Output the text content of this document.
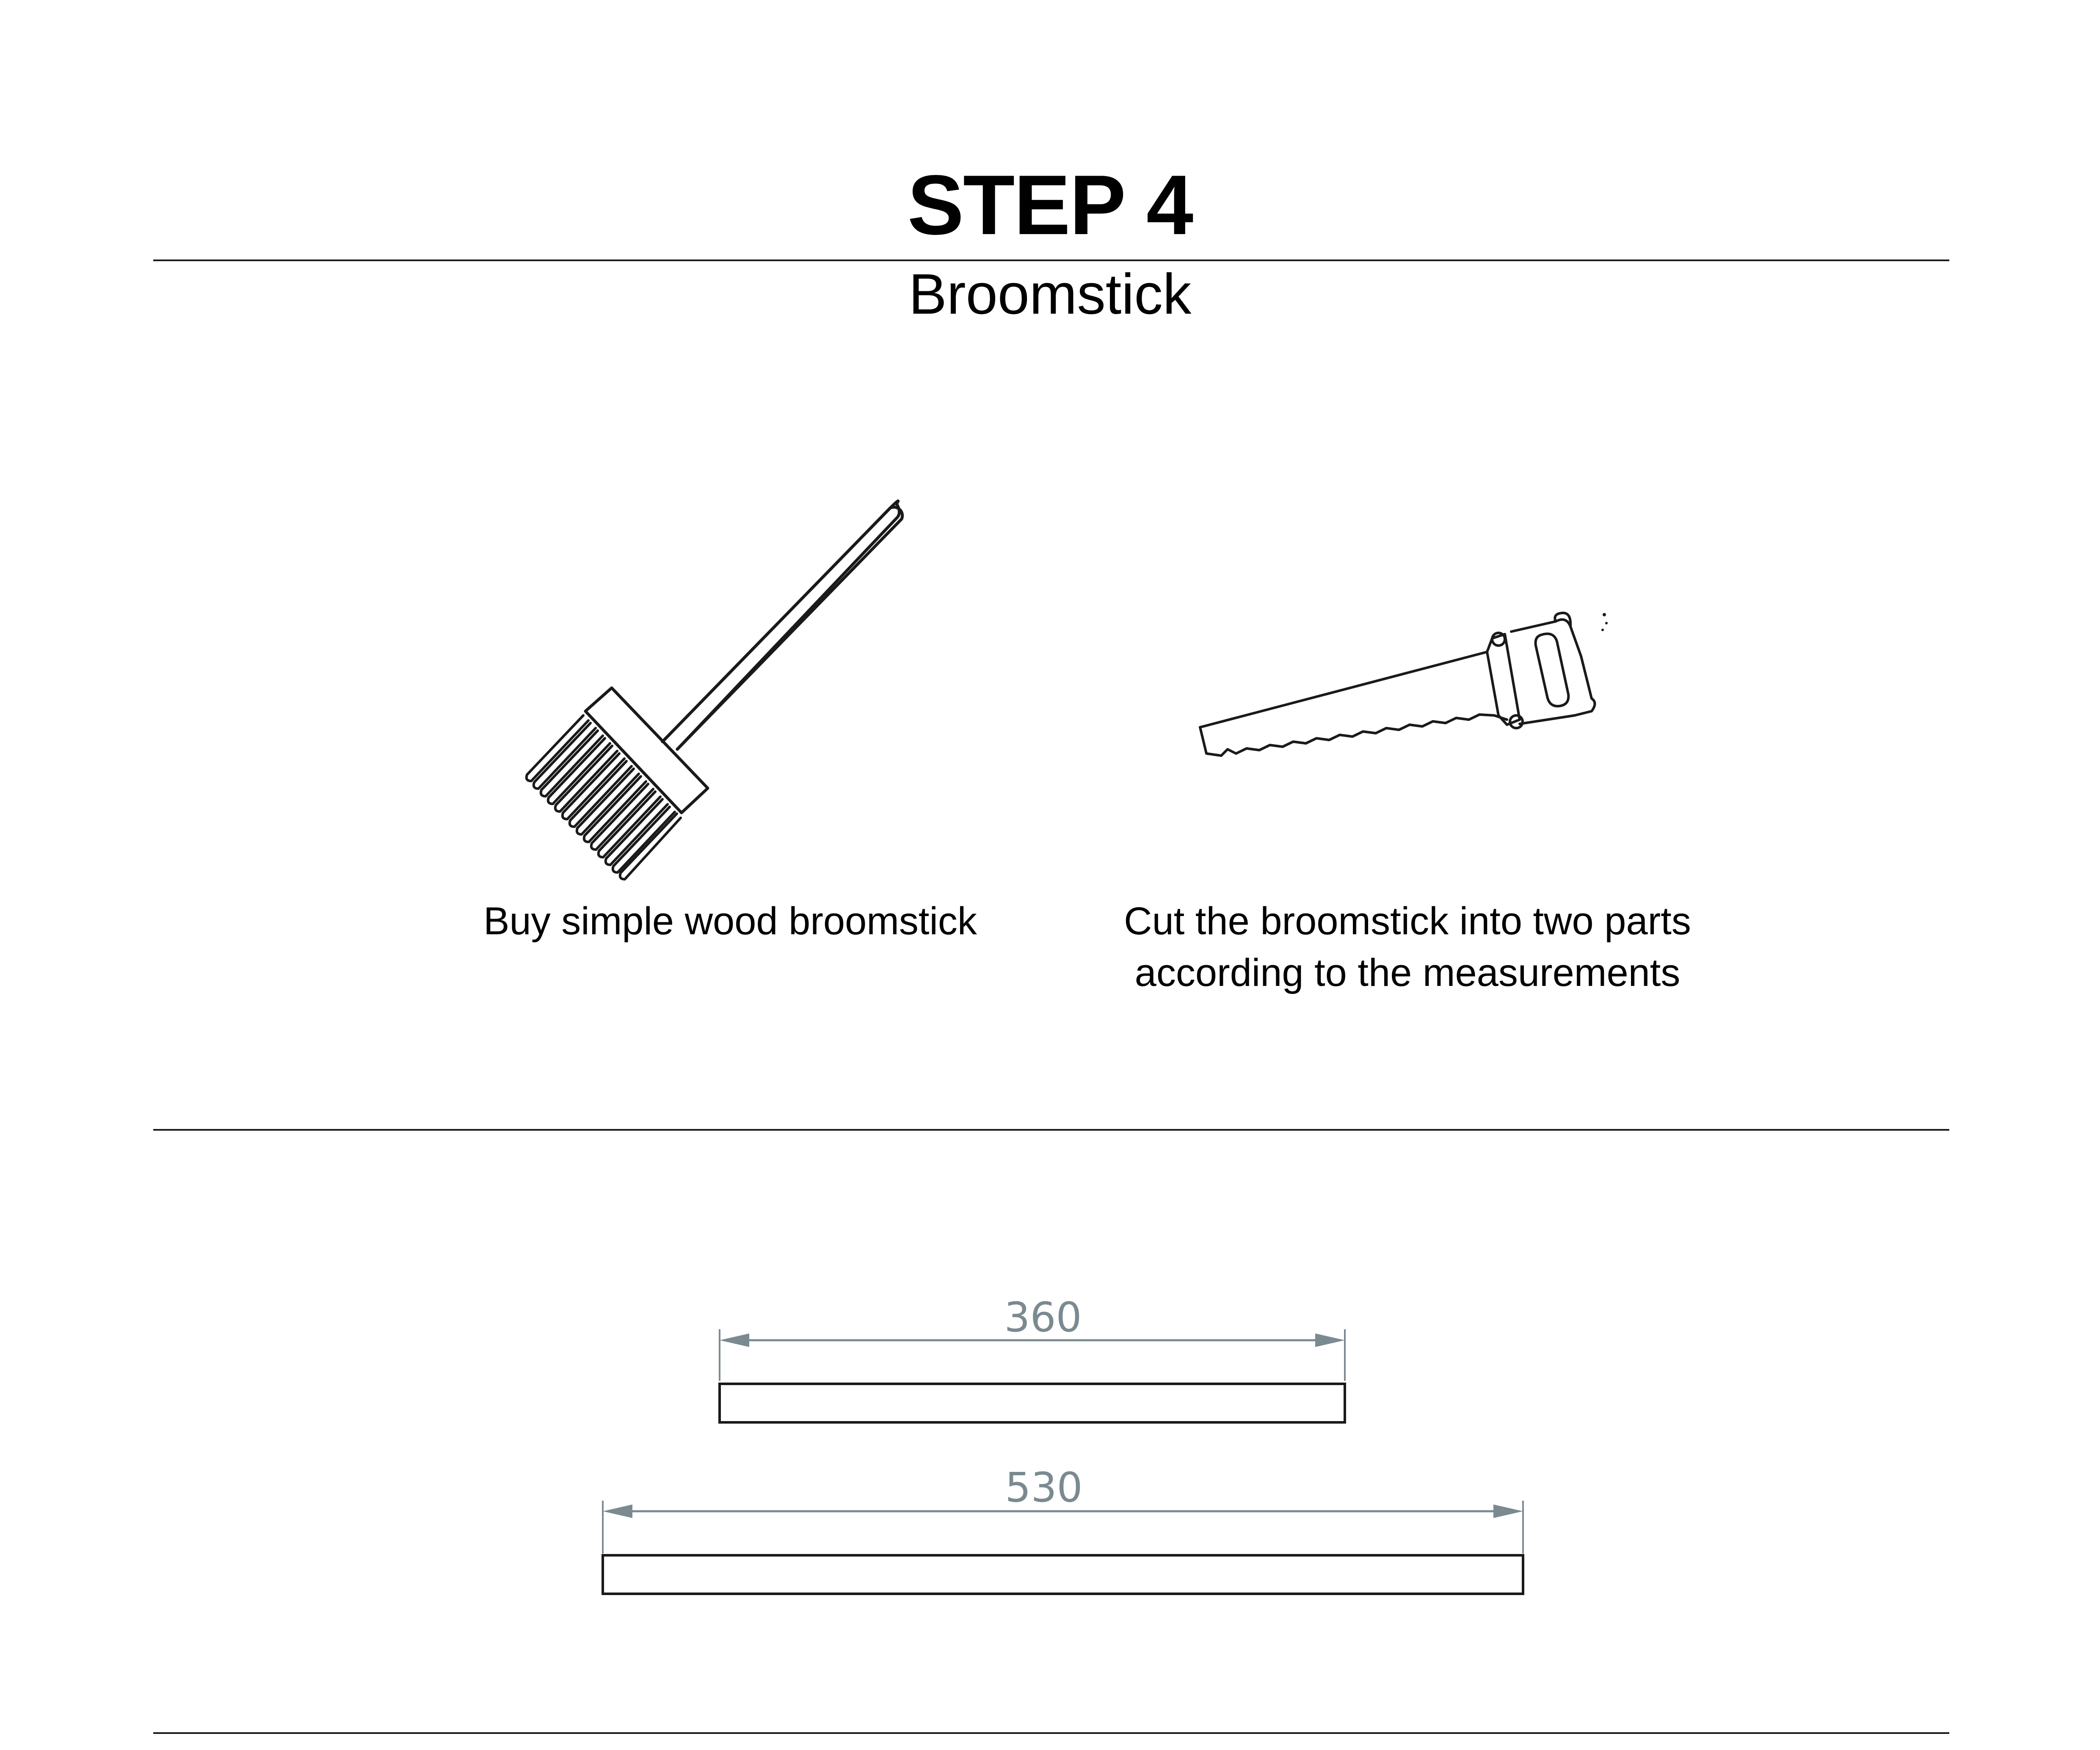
STEP 4
Broomstick
Buy simple wood broomstick	Cut the broomstick into two parts
according to the measurements
360
530
